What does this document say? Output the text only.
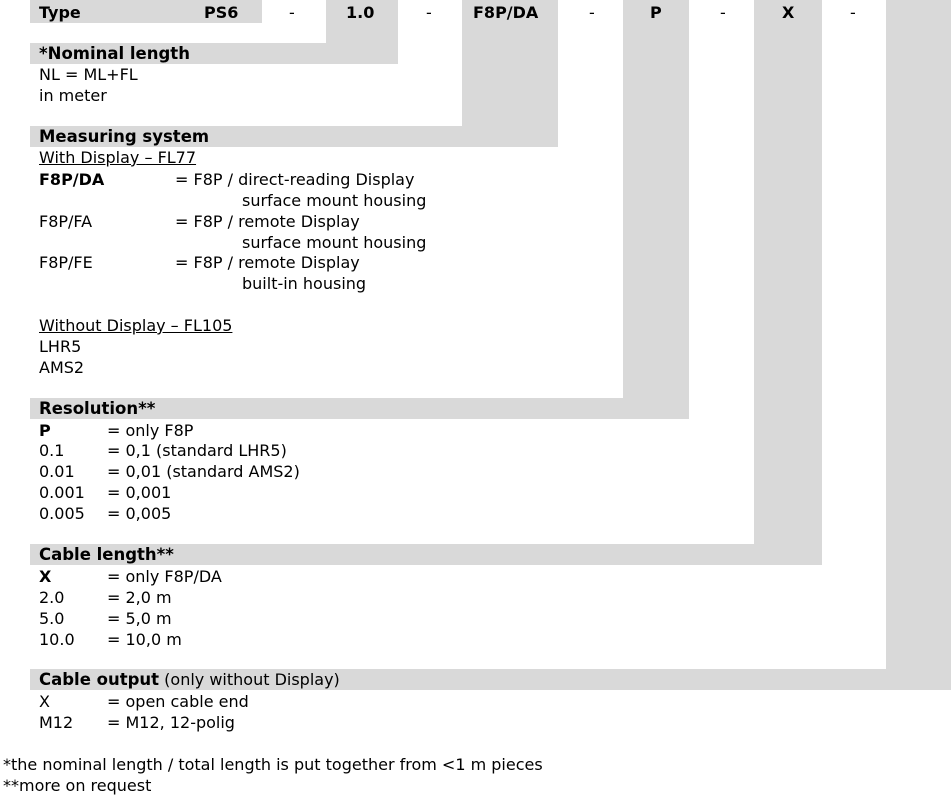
Type	PS6	-	1.0	-	F8P/DA	-	P	-	X	-
*Nominal length
NL = ML+FL
in meter
Measuring system
With Display – FL77
F8P/DA	= F8P / direct-reading Display
surface mount housing
F8P/FA	= F8P / remote Display
surface mount housing
F8P/FE	= F8P / remote Display
built-in housing
Without Display – FL105
LHR5
AMS2
Resolution**
P	= only F8P
0.1	= 0,1 (standard LHR5)
0.01 = 0,01 (standard AMS2)
0.001 = 0,001
0.005 = 0,005
Cable length**
X	= only F8P/DA
2.0	= 2,0 m
5.0	= 5,0 m
10.0 = 10,0 m
Cable output (only without Display)
X	= open cable end
M12 = M12, 12-polig
*the nominal length / total length is put together from <1 m pieces
**more on request
